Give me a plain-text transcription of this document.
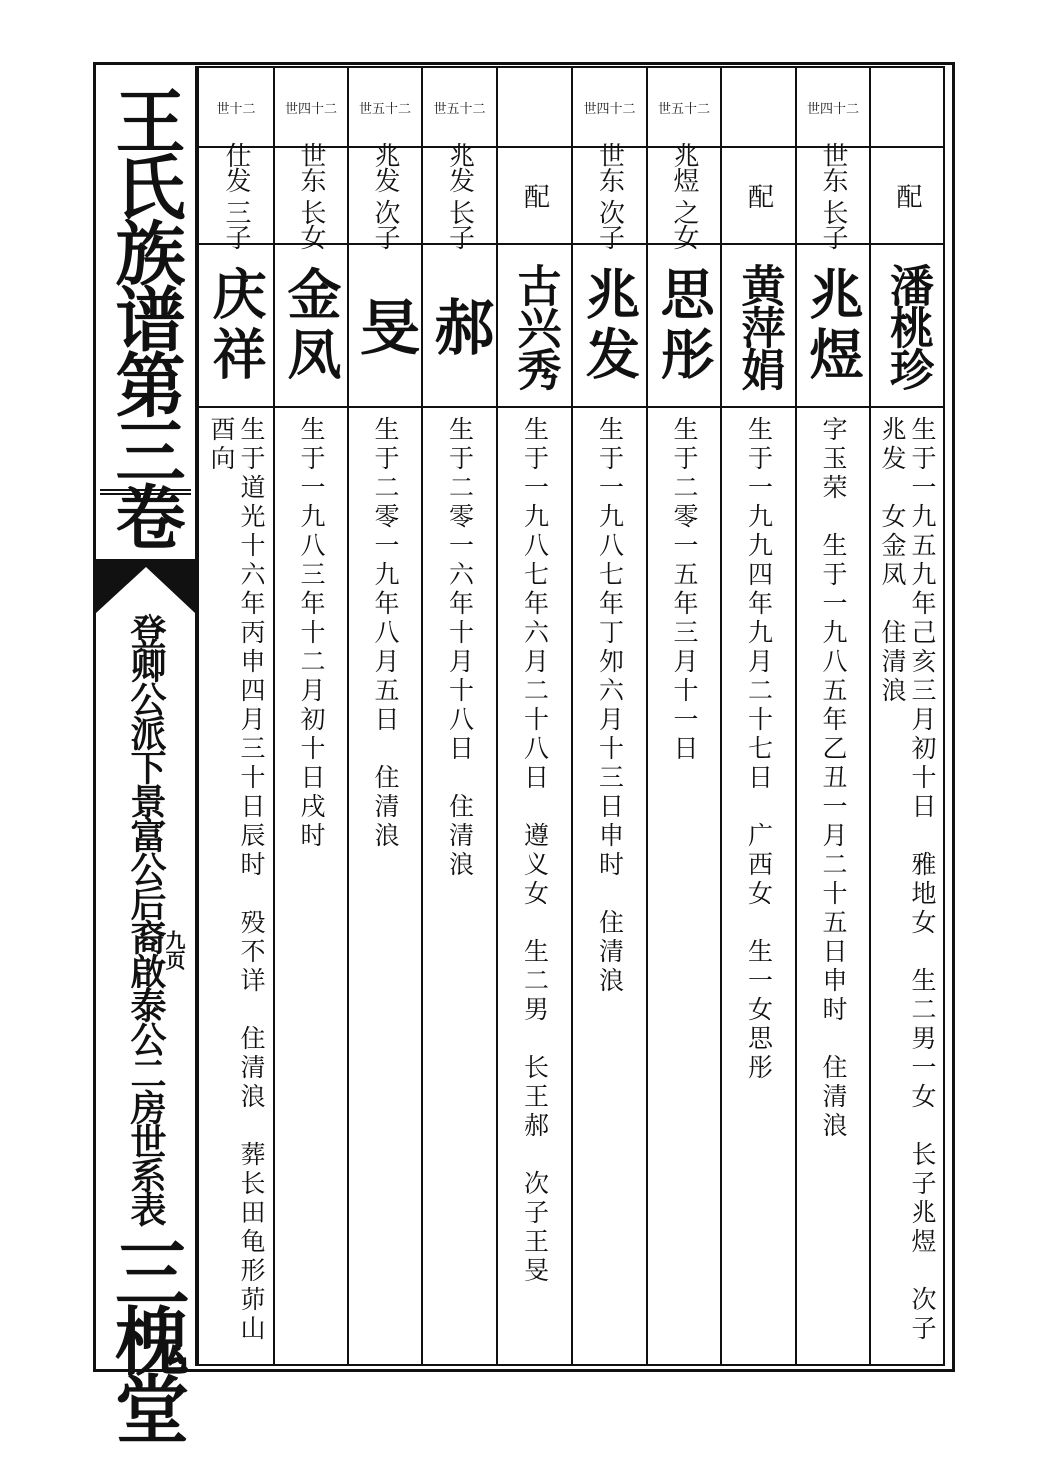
王氏族谱第三卷
登卿公派下景富公后裔啟泰公二房世系表
三槐堂
九页
世十二
仕发 三子
庆祥
生于道光十六年丙申四月三十日辰时　殁不详　住清浪　葬长田龟形茆山
酉向
世四十二
世东 长女
金凤
生于一九八三年十二月初十日戌时
世五十二
兆发 次子
旻
生于二零一九年八月五日　住清浪
世五十二
兆发 长子
郝
生于二零一六年十月十八日　住清浪
配
古兴秀
生于一九八七年六月二十八日　遵义女　生二男　长王郝　次子王旻
世四十二
世东 次子
兆发
生于一九八七年丁夘六月十三日申时　住清浪
世五十二
兆煜 之女
思彤
生于二零一五年三月十一日
配
黄萍娟
生于一九九四年九月二十七日　广西女　生一女思彤
世四十二
世东 长子
兆煜
字玉荣　生于一九八五年乙丑一月二十五日申时　住清浪
配
潘桃珍
生于一九五九年己亥三月初十日　雅地女　生二男一女　长子兆煜　次子
兆发　女金凤　住清浪
